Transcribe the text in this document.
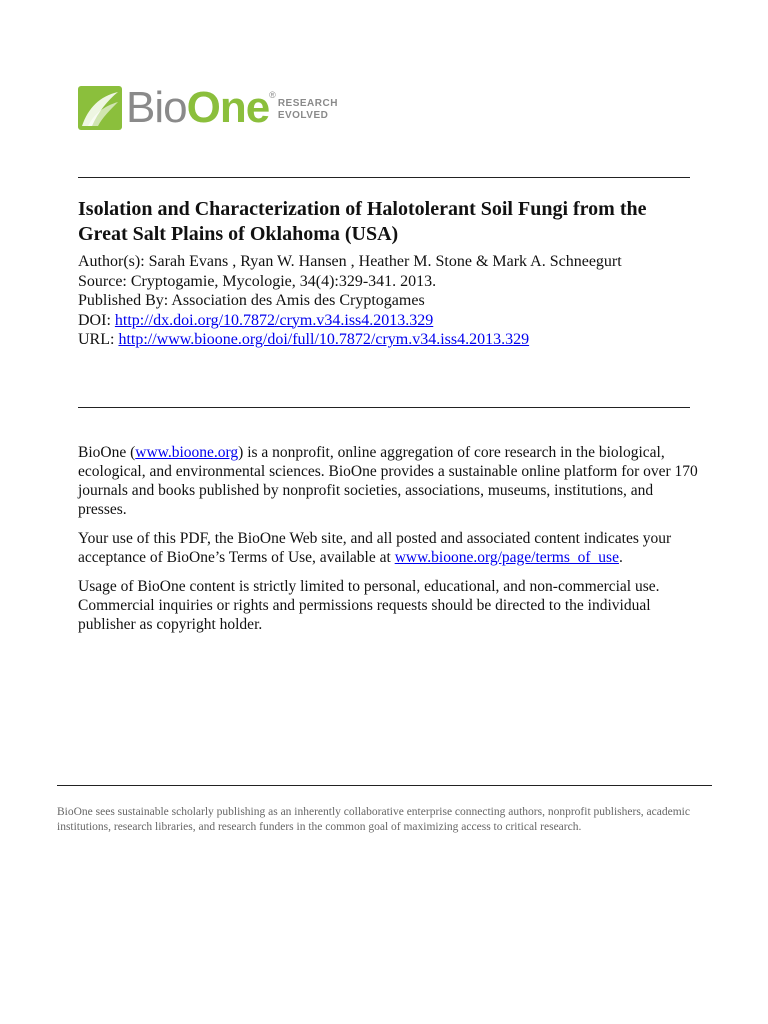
BioOne ®
RESEARCH
EVOLVED
Isolation and Characterization of Halotolerant Soil Fungi from the Great Salt Plains of Oklahoma (USA)
Author(s): Sarah Evans , Ryan W. Hansen , Heather M. Stone & Mark A. Schneegurt
Source: Cryptogamie, Mycologie, 34(4):329-341. 2013.
Published By: Association des Amis des Cryptogames
DOI: http://dx.doi.org/10.7872/crym.v34.iss4.2013.329
URL: http://www.bioone.org/doi/full/10.7872/crym.v34.iss4.2013.329

BioOne (www.bioone.org) is a nonprofit, online aggregation of core research in the biological, ecological, and environmental sciences. BioOne provides a sustainable online platform for over 170 journals and books published by nonprofit societies, associations, museums, institutions, and presses.

Your use of this PDF, the BioOne Web site, and all posted and associated content indicates your acceptance of BioOne’s Terms of Use, available at www.bioone.org/page/terms_of_use.

Usage of BioOne content is strictly limited to personal, educational, and non-commercial use. Commercial inquiries or rights and permissions requests should be directed to the individual publisher as copyright holder.

BioOne sees sustainable scholarly publishing as an inherently collaborative enterprise connecting authors, nonprofit publishers, academic institutions, research libraries, and research funders in the common goal of maximizing access to critical research.
